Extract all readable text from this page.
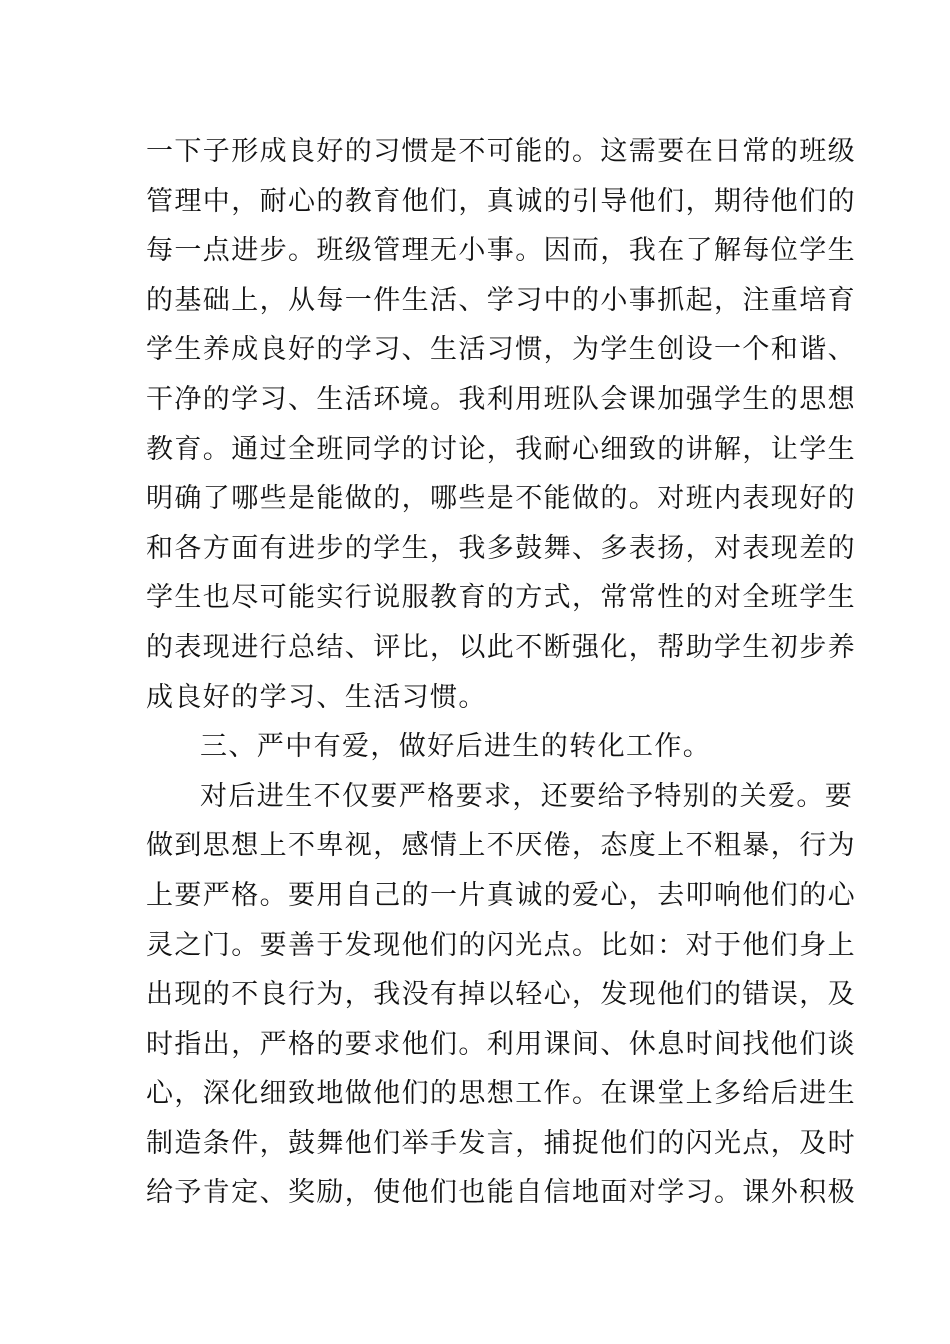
一下子形成良好的习惯是不可能的。这需要在日常的班级
管理中，耐心的教育他们，真诚的引导他们，期待他们的
每一点进步。班级管理无小事。因而，我在了解每位学生
的基础上，从每一件生活、学习中的小事抓起，注重培育
学生养成良好的学习、生活习惯，为学生创设一个和谐、
干净的学习、生活环境。我利用班队会课加强学生的思想
教育。通过全班同学的讨论，我耐心细致的讲解，让学生
明确了哪些是能做的，哪些是不能做的。对班内表现好的
和各方面有进步的学生，我多鼓舞、多表扬，对表现差的
学生也尽可能实行说服教育的方式，常常性的对全班学生
的表现进行总结、评比，以此不断强化，帮助学生初步养
成良好的学习、生活习惯。
三、严中有爱，做好后进生的转化工作。
对后进生不仅要严格要求，还要给予特别的关爱。要
做到思想上不卑视，感情上不厌倦，态度上不粗暴，行为
上要严格。要用自己的一片真诚的爱心，去叩响他们的心
灵之门。要善于发现他们的闪光点。比如：对于他们身上
出现的不良行为，我没有掉以轻心，发现他们的错误，及
时指出，严格的要求他们。利用课间、休息时间找他们谈
心，深化细致地做他们的思想工作。在课堂上多给后进生
制造条件，鼓舞他们举手发言，捕捉他们的闪光点，及时
给予肯定、奖励，使他们也能自信地面对学习。课外积极
